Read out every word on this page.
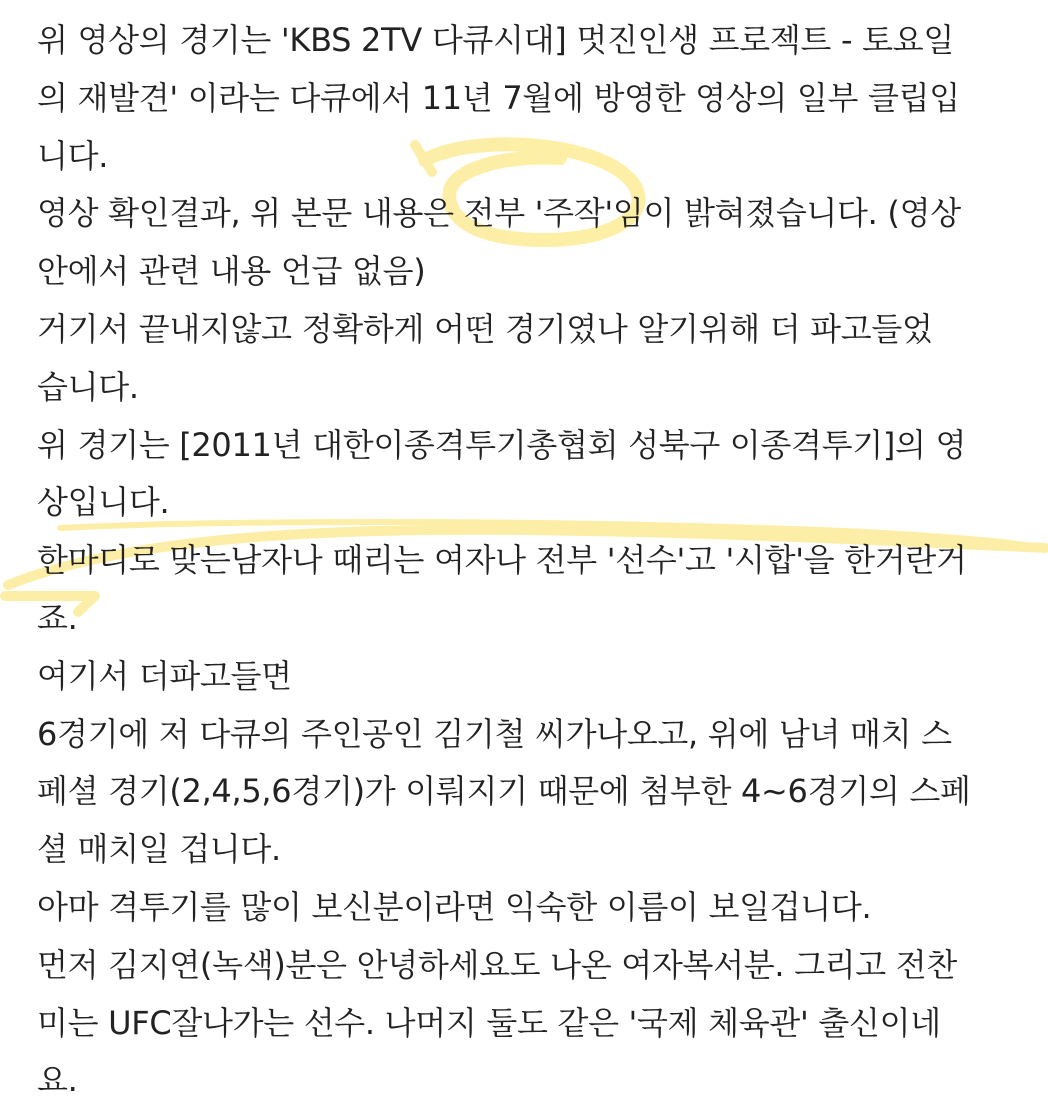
위 영상의 경기는 'KBS 2TV 다큐시대] 멋진인생 프로젝트 - 토요일
의 재발견' 이라는 다큐에서 11년 7월에 방영한 영상의 일부 클립입
니다.
영상 확인결과, 위 본문 내용은 전부 '주작'임이 밝혀졌습니다. (영상
안에서 관련 내용 언급 없음)
거기서 끝내지않고 정확하게 어떤 경기였나 알기위해 더 파고들었
습니다.
위 경기는 [2011년 대한이종격투기총협회 성북구 이종격투기]의 영
상입니다.
한마디로 맞는남자나 때리는 여자나 전부 '선수'고 '시합'을 한거란거
죠.
여기서 더파고들면
6경기에 저 다큐의 주인공인 김기철 씨가나오고, 위에 남녀 매치 스
페셜 경기(2,4,5,6경기)가 이뤄지기 때문에 첨부한 4~6경기의 스페
셜 매치일 겁니다.
아마 격투기를 많이 보신분이라면 익숙한 이름이 보일겁니다.
먼저 김지연(녹색)분은 안녕하세요도 나온 여자복서분. 그리고 전찬
미는 UFC잘나가는 선수. 나머지 둘도 같은 '국제 체육관' 출신이네
요.
